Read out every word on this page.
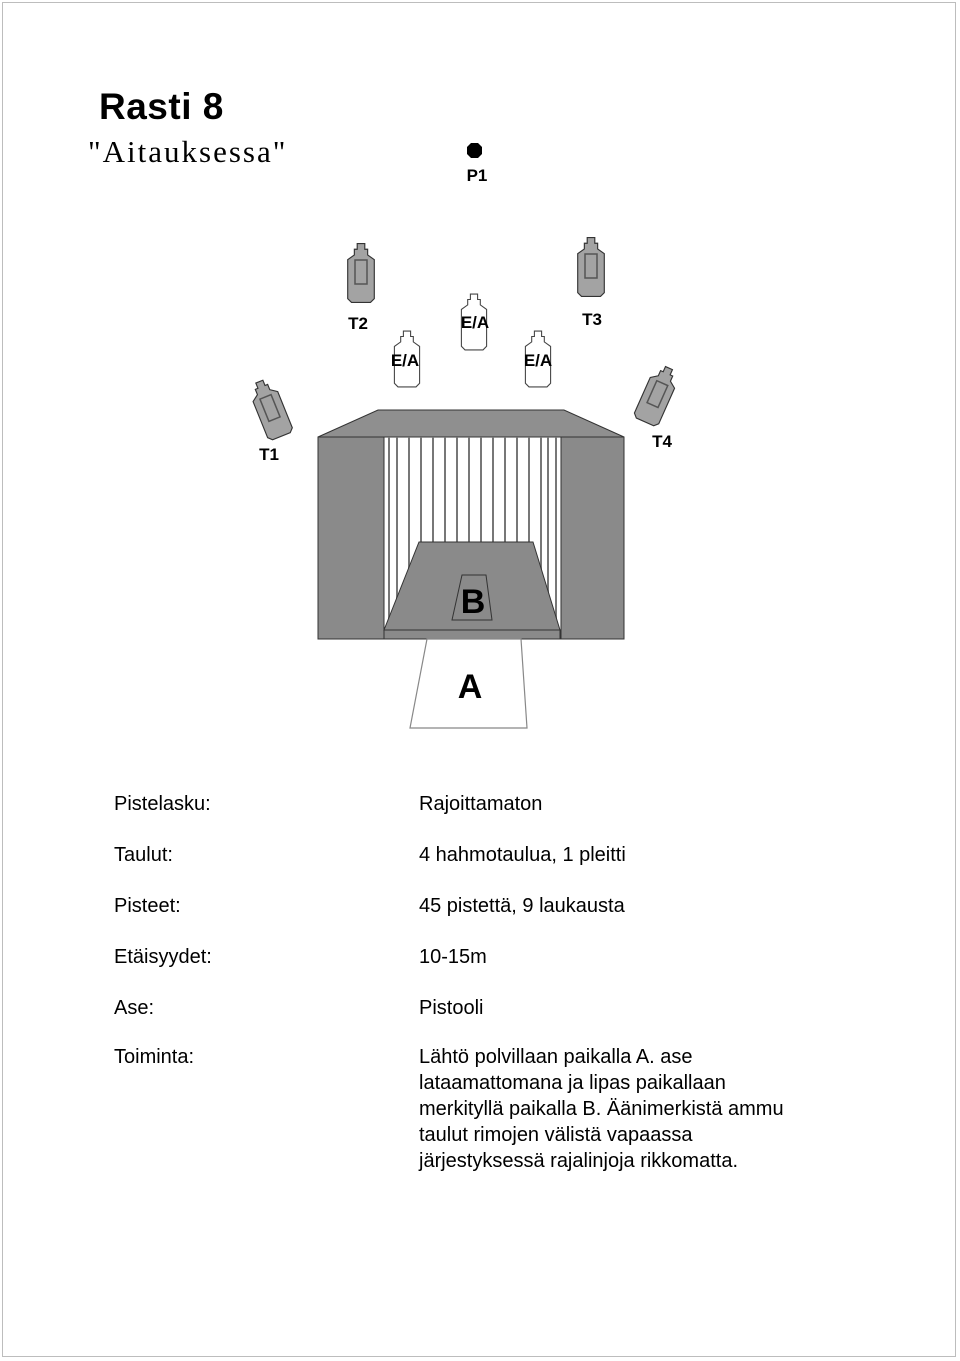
Rasti 8

"Aitauksessa"

P1
T2	T3
T1
T4
E/A
E/A	E/A
B
A
Pistelasku:	Rajoittamaton
Taulut:	4 hahmotaulua, 1 pleitti
Pisteet:	45 pistettä, 9 laukausta
Etäisyydet:	10-15m
Ase:	Pistooli
Toiminta:	Lähtö polvillaan paikalla A. ase
lataamattomana ja lipas paikallaan
merkityllä paikalla B. Äänimerkistä ammu
taulut rimojen välistä vapaassa
järjestyksessä rajalinjoja rikkomatta.
